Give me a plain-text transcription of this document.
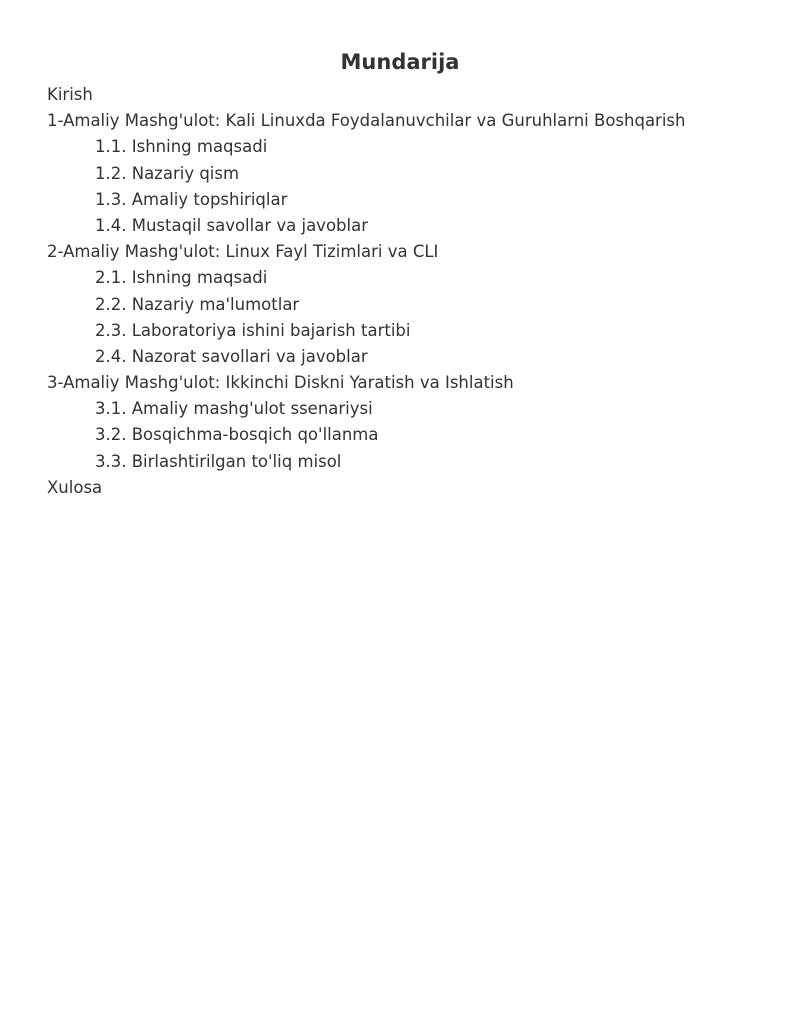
Mundarija
Kirish
1-Amaliy Mashg'ulot: Kali Linuxda Foydalanuvchilar va Guruhlarni Boshqarish
1.1. Ishning maqsadi
1.2. Nazariy qism
1.3. Amaliy topshiriqlar
1.4. Mustaqil savollar va javoblar
2-Amaliy Mashg'ulot: Linux Fayl Tizimlari va CLI
2.1. Ishning maqsadi
2.2. Nazariy ma'lumotlar
2.3. Laboratoriya ishini bajarish tartibi
2.4. Nazorat savollari va javoblar
3-Amaliy Mashg'ulot: Ikkinchi Diskni Yaratish va Ishlatish
3.1. Amaliy mashg'ulot ssenariysi
3.2. Bosqichma-bosqich qo'llanma
3.3. Birlashtirilgan to'liq misol
Xulosa
